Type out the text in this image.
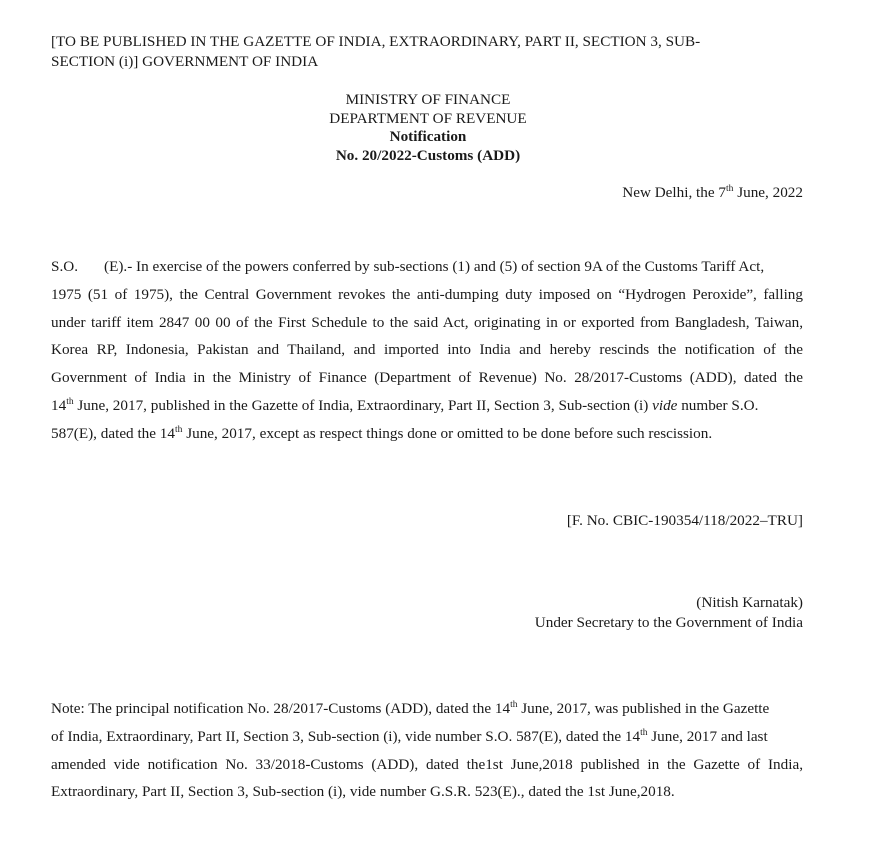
[TO BE PUBLISHED IN THE GAZETTE OF INDIA, EXTRAORDINARY, PART II, SECTION 3, SUB-
SECTION (i)] GOVERNMENT OF INDIA
MINISTRY OF FINANCE
DEPARTMENT OF REVENUE
Notification
No. 20/2022-Customs (ADD)
New Delhi, the 7th June, 2022
S.O. (E).- In exercise of the powers conferred by sub-sections (1) and (5) of section 9A of the Customs Tariff Act,
1975 (51 of 1975), the Central Government revokes the anti-dumping duty imposed on “Hydrogen Peroxide”, falling
under tariff item 2847 00 00 of the First Schedule to the said Act, originating in or exported from Bangladesh, Taiwan,
Korea RP, Indonesia, Pakistan and Thailand, and imported into India and hereby rescinds the notification of the
Government of India in the Ministry of Finance (Department of Revenue) No. 28/2017-Customs (ADD), dated the
14th June, 2017, published in the Gazette of India, Extraordinary, Part II, Section 3, Sub-section (i) vide number S.O.
587(E), dated the 14th June, 2017, except as respect things done or omitted to be done before such rescission.
[F. No. CBIC-190354/118/2022–TRU]
(Nitish Karnatak)
Under Secretary to the Government of India
Note: The principal notification No. 28/2017-Customs (ADD), dated the 14th June, 2017, was published in the Gazette
of India, Extraordinary, Part II, Section 3, Sub-section (i), vide number S.O. 587(E), dated the 14th June, 2017 and last
amended vide notification No. 33/2018-Customs (ADD), dated the1st June,2018 published in the Gazette of India,
Extraordinary, Part II, Section 3, Sub-section (i), vide number G.S.R. 523(E)., dated the 1st June,2018.
